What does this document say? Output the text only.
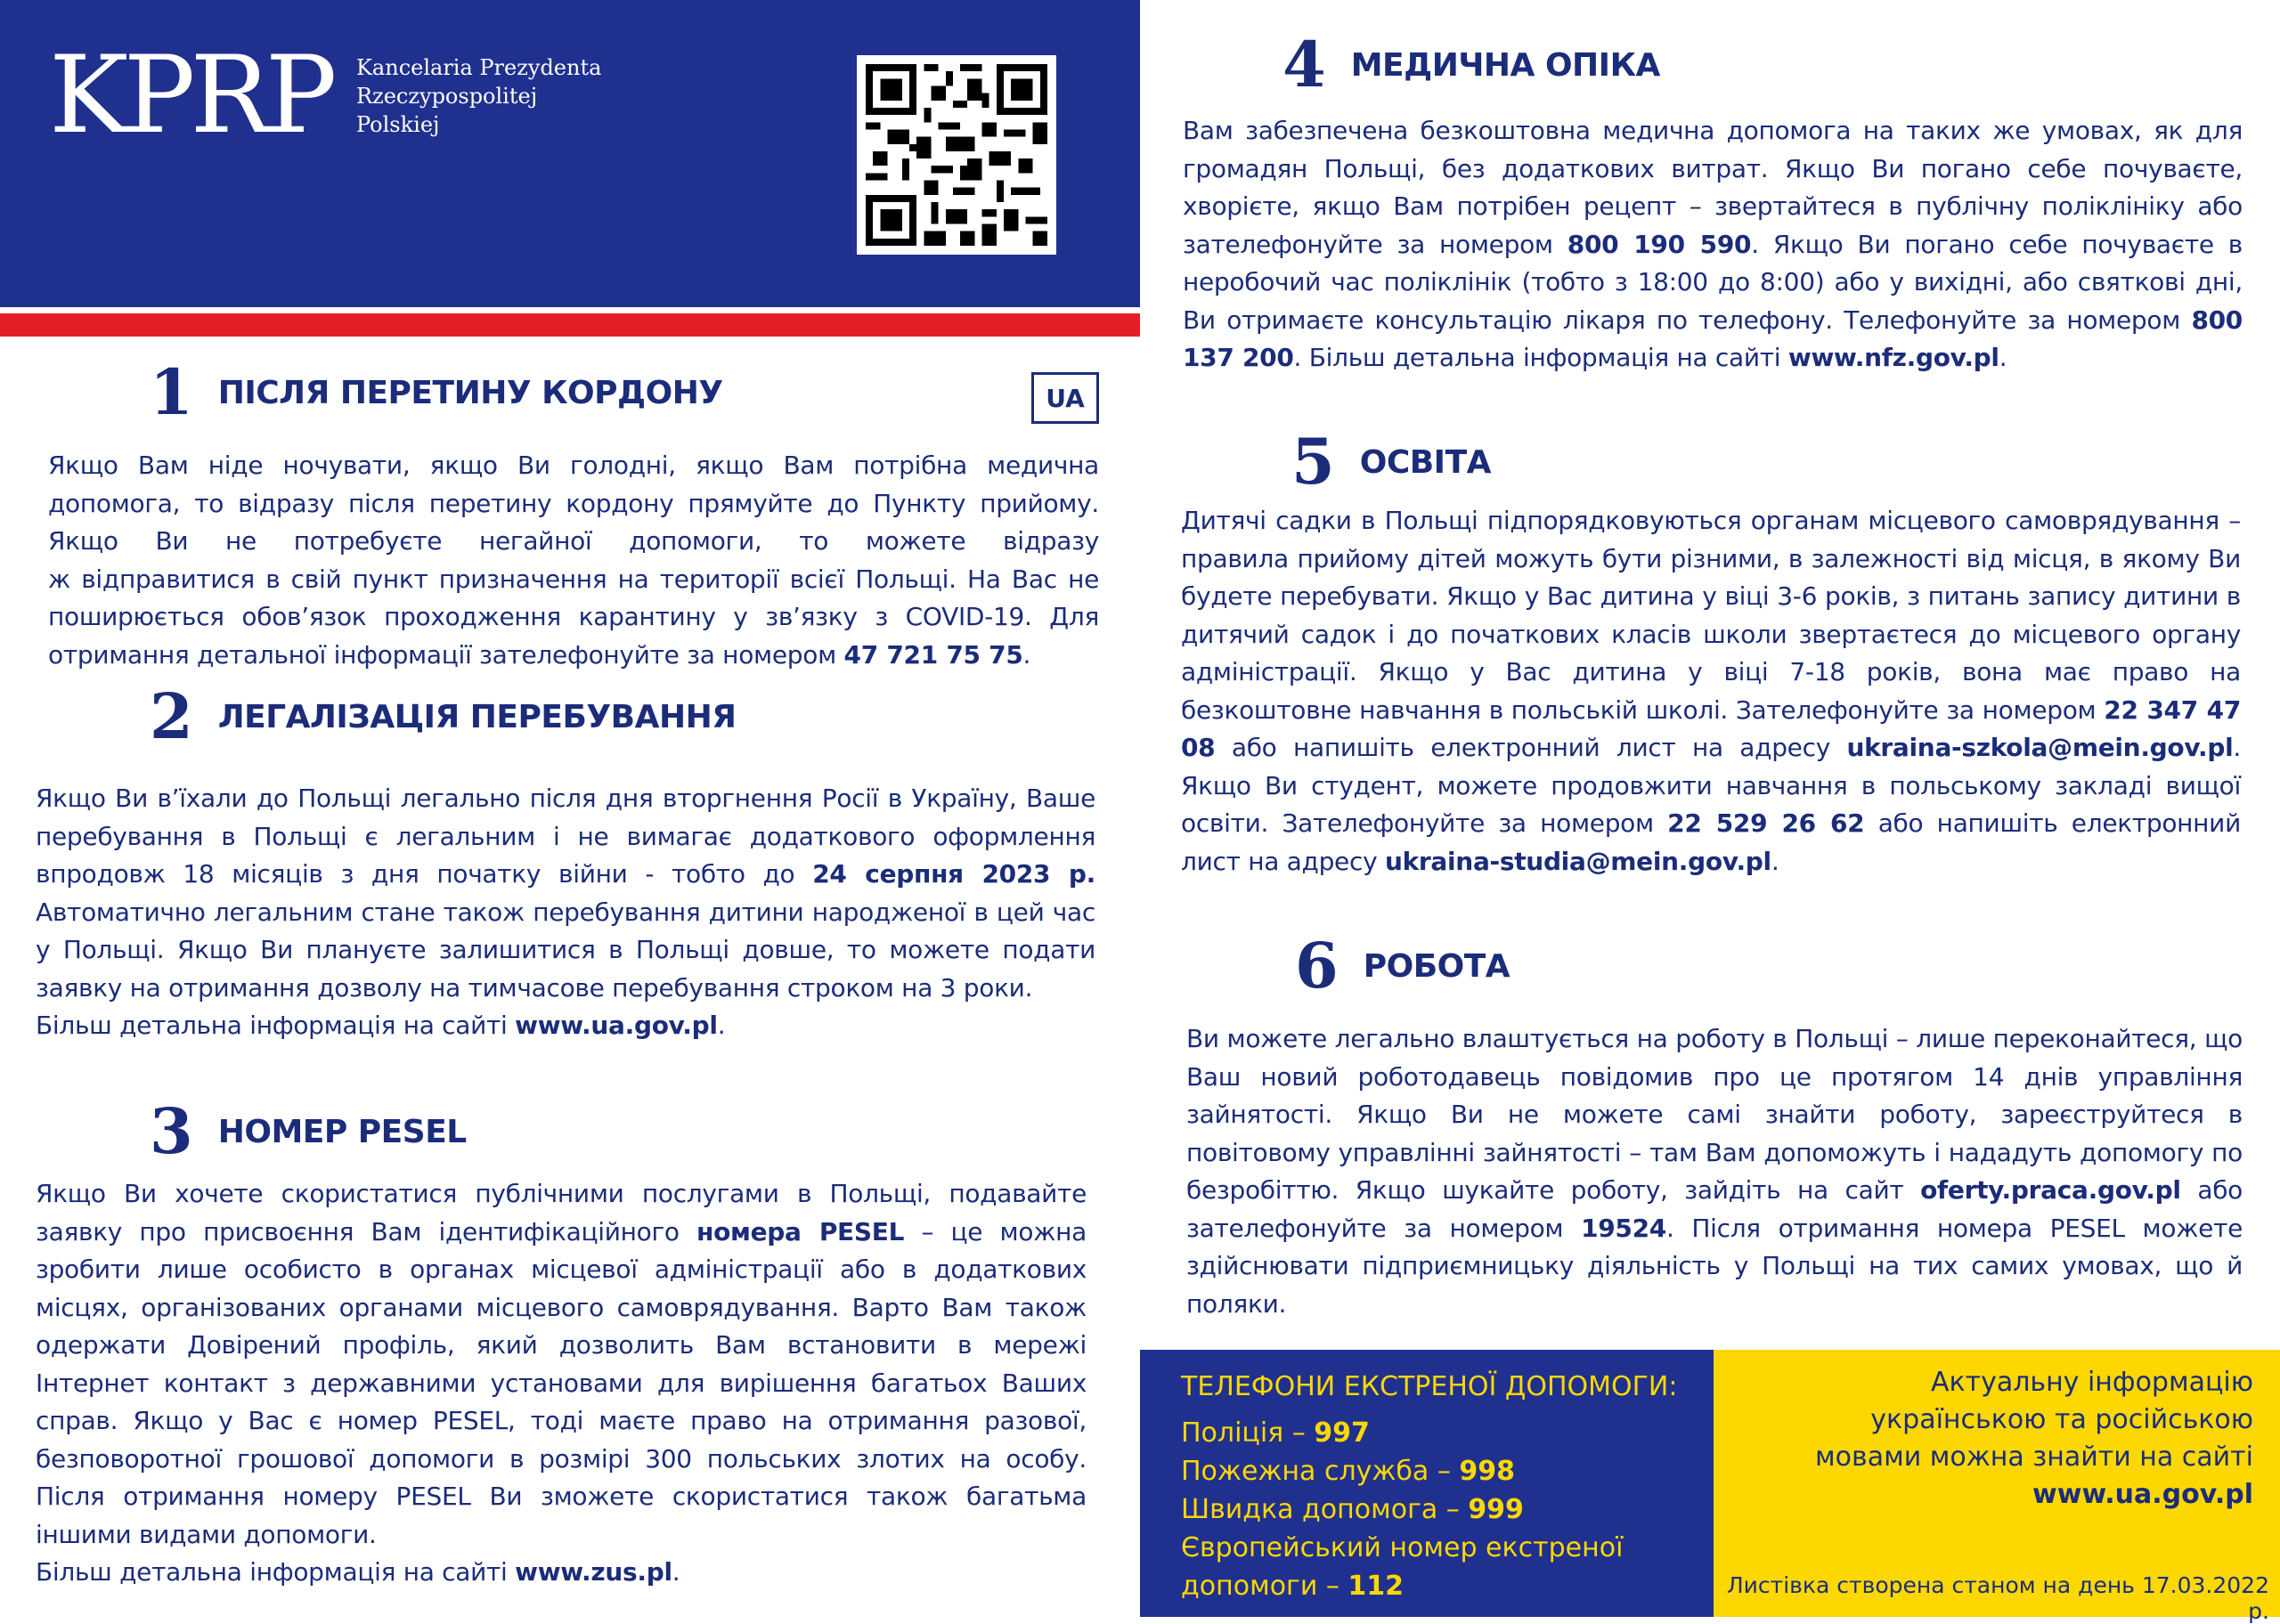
KPRP Kancelaria Prezydenta
Rzeczypospolitej
Polskiej
1 ПІСЛЯ ПЕРЕТИНУ КОРДОНУ	UA
Якщо Вам ніде ночувати, якщо Ви голодні, якщо Вам потрібна медична
допомога, то відразу після перетину кордону прямуйте до Пункту прийому.
Якщо Ви не потребуєте негайної допомоги, то можете відразу
ж відправитися в свій пункт призначення на території всієї Польщі. На Вас не
поширюється обов’язок проходження карантину у зв’язку з COVID-19. Для
отримання детальної інформації зателефонуйте за номером 47 721 75 75.
2 ЛЕГАЛІЗАЦІЯ ПЕРЕБУВАННЯ
Якщо Ви в’їхали до Польщі легально після дня вторгнення Росії в Україну, Ваше перебування в Польщі є легальним і не вимагає додаткового оформлення впродовж 18 місяців з дня початку війни - тобто до 24 серпня 2023 р. Автоматично легальним стане також перебування дитини народженої в цей час у Польщі. Якщо Ви плануєте залишитися в Польщі довше, то можете подати заявку на отримання дозволу на тимчасове перебування строком на 3 роки.
Більш детальна інформація на сайті www.ua.gov.pl.
3 НОМЕР PESEL
Якщо Ви хочете скористатися публічними послугами в Польщі, подавайте заявку про присвоєння Вам ідентифікаційного номера PESEL – це можна зробити лише особисто в органах місцевої адміністрації або в додаткових місцях, організованих органами місцевого самоврядування. Варто Вам також одержати Довірений профіль, який дозволить Вам встановити в мережі Інтернет контакт з державними установами для вирішення багатьох Ваших справ. Якщо у Вас є номер PESEL, тоді маєте право на отримання разової, безповоротної грошової допомоги в розмірі 300 польських злотих на особу. Після отримання номеру PESEL Ви зможете скористатися також багатьма іншими видами допомоги.
Більш детальна інформація на сайті www.zus.pl.
4 МЕДИЧНА ОПІКА
Вам забезпечена безкоштовна медична допомога на таких же умовах, як для громадян Польщі, без додаткових витрат. Якщо Ви погано себе почуваєте, хворієте, якщо Вам потрібен рецепт – звертайтеся в публічну поліклініку або зателефонуйте за номером 800 190 590. Якщо Ви погано себе почуваєте в неробочий час поліклінік (тобто з 18:00 до 8:00) або у вихідні, або святкові дні, Ви отримаєте консультацію лікаря по телефону. Телефонуйте за номером 800 137 200. Більш детальна інформація на сайті www.nfz.gov.pl.
5 ОСВІТА
Дитячі садки в Польщі підпорядковуються органам місцевого самоврядування – правила прийому дітей можуть бути різними, в залежності від місця, в якому Ви будете перебувати. Якщо у Вас дитина у віці 3-6 років, з питань запису дитини в дитячий садок і до початкових класів школи звертаєтеся до місцевого органу адміністрації. Якщо у Вас дитина у віці 7-18 років, вона має право на безкоштовне навчання в польській школі. Зателефонуйте за номером 22 347 47 08 або напишіть електронний лист на адресу ukraina-szkola@mein.gov.pl. Якщо Ви студент, можете продовжити навчання в польському закладі вищої освіти. Зателефонуйте за номером 22 529 26 62 або напишіть електронний лист на адресу ukraina-studia@mein.gov.pl.
6 РОБОТА
Ви можете легально влаштується на роботу в Польщі – лише переконайтеся, що Ваш новий роботодавець повідомив про це протягом 14 днів управління зайнятості. Якщо Ви не можете самі знайти роботу, зареєструйтеся в повітовому управлінні зайнятості – там Вам допоможуть і нададуть допомогу по безробіттю. Якщо шукайте роботу, зайдіть на сайт oferty.praca.gov.pl або зателефонуйте за номером 19524. Після отримання номера PESEL можете здійснювати підприємницьку діяльність у Польщі на тих самих умовах, що й поляки.
ТЕЛЕФОНИ ЕКСТРЕНОЇ ДОПОМОГИ:
Поліція – 997
Пожежна служба – 998
Швидка допомога – 999
Європейський номер екстреної допомоги – 112
Актуальну інформацію
українською та російською
мовами можна знайти на сайті
www.ua.gov.pl
Листівка створена станом на день 17.03.2022 р.
